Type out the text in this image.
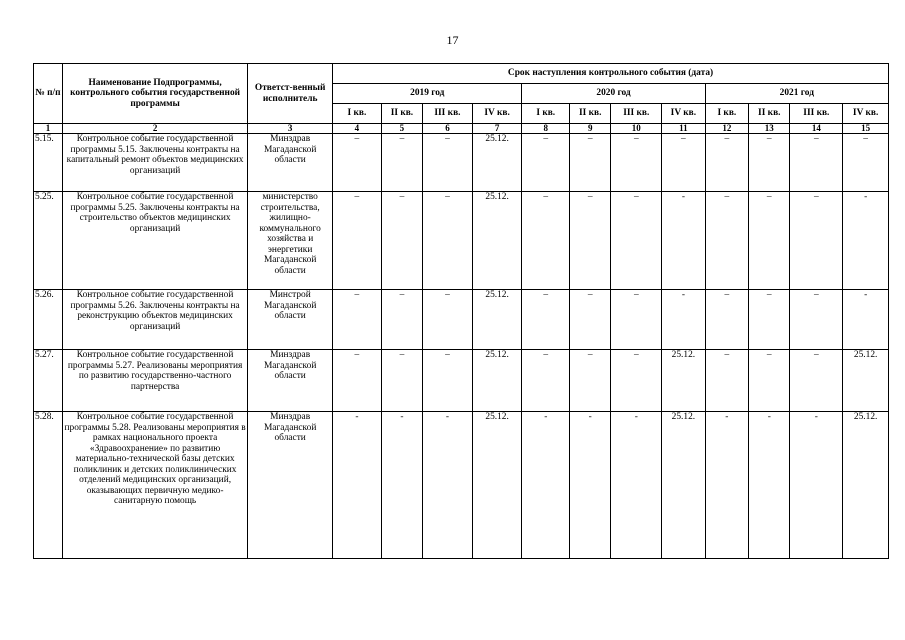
17
№ п/п	Наименование Подпрограммы, контрольного события государственной программы	Ответст-венный исполнитель	Срок наступления контрольного события (дата)											
			2019 год				2020 год				2021 год			
			I кв.	II кв.	III кв.	IV кв.	I кв.	II кв.	III кв.	IV кв.	I кв.	II кв.	III кв.	IV кв.
1	2	3	4	5	6	7	8	9	10	11	12	13	14	15
5.15.	Контрольное событие государственной программы 5.15. Заключены контракты на капитальный ремонт объектов медицинских организаций	Минздрав Магаданской области	–	–	–	25.12.	–	–	–	–	–	–	–	–
5.25.	Контрольное событие государственной программы 5.25. Заключены контракты на строительство объектов медицинских организаций	министерство строительства, жилищно-коммунального хозяйства и энергетики Магаданской области	–	–	–	25.12.	–	–	–	-	–	–	–	-
5.26.	Контрольное событие государственной программы 5.26. Заключены контракты на реконструкцию объектов медицинских организаций	Минстрой Магаданской области	–	–	–	25.12.	–	–	–	-	–	–	–	-
5.27.	Контрольное событие государственной программы 5.27. Реализованы мероприятия по развитию государственно-частного партнерства	Минздрав Магаданской области	–	–	–	25.12.	–	–	–	25.12.	–	–	–	25.12.
5.28.	Контрольное событие государственной программы 5.28. Реализованы мероприятия в рамках национального проекта «Здравоохранение» по развитию материально-технической базы детских поликлиник и детских поликлинических отделений медицинских организаций, оказывающих первичную медико-санитарную помощь	Минздрав Магаданской области	-	-	-	25.12.	-	-	-	25.12.	-	-	-	25.12.
